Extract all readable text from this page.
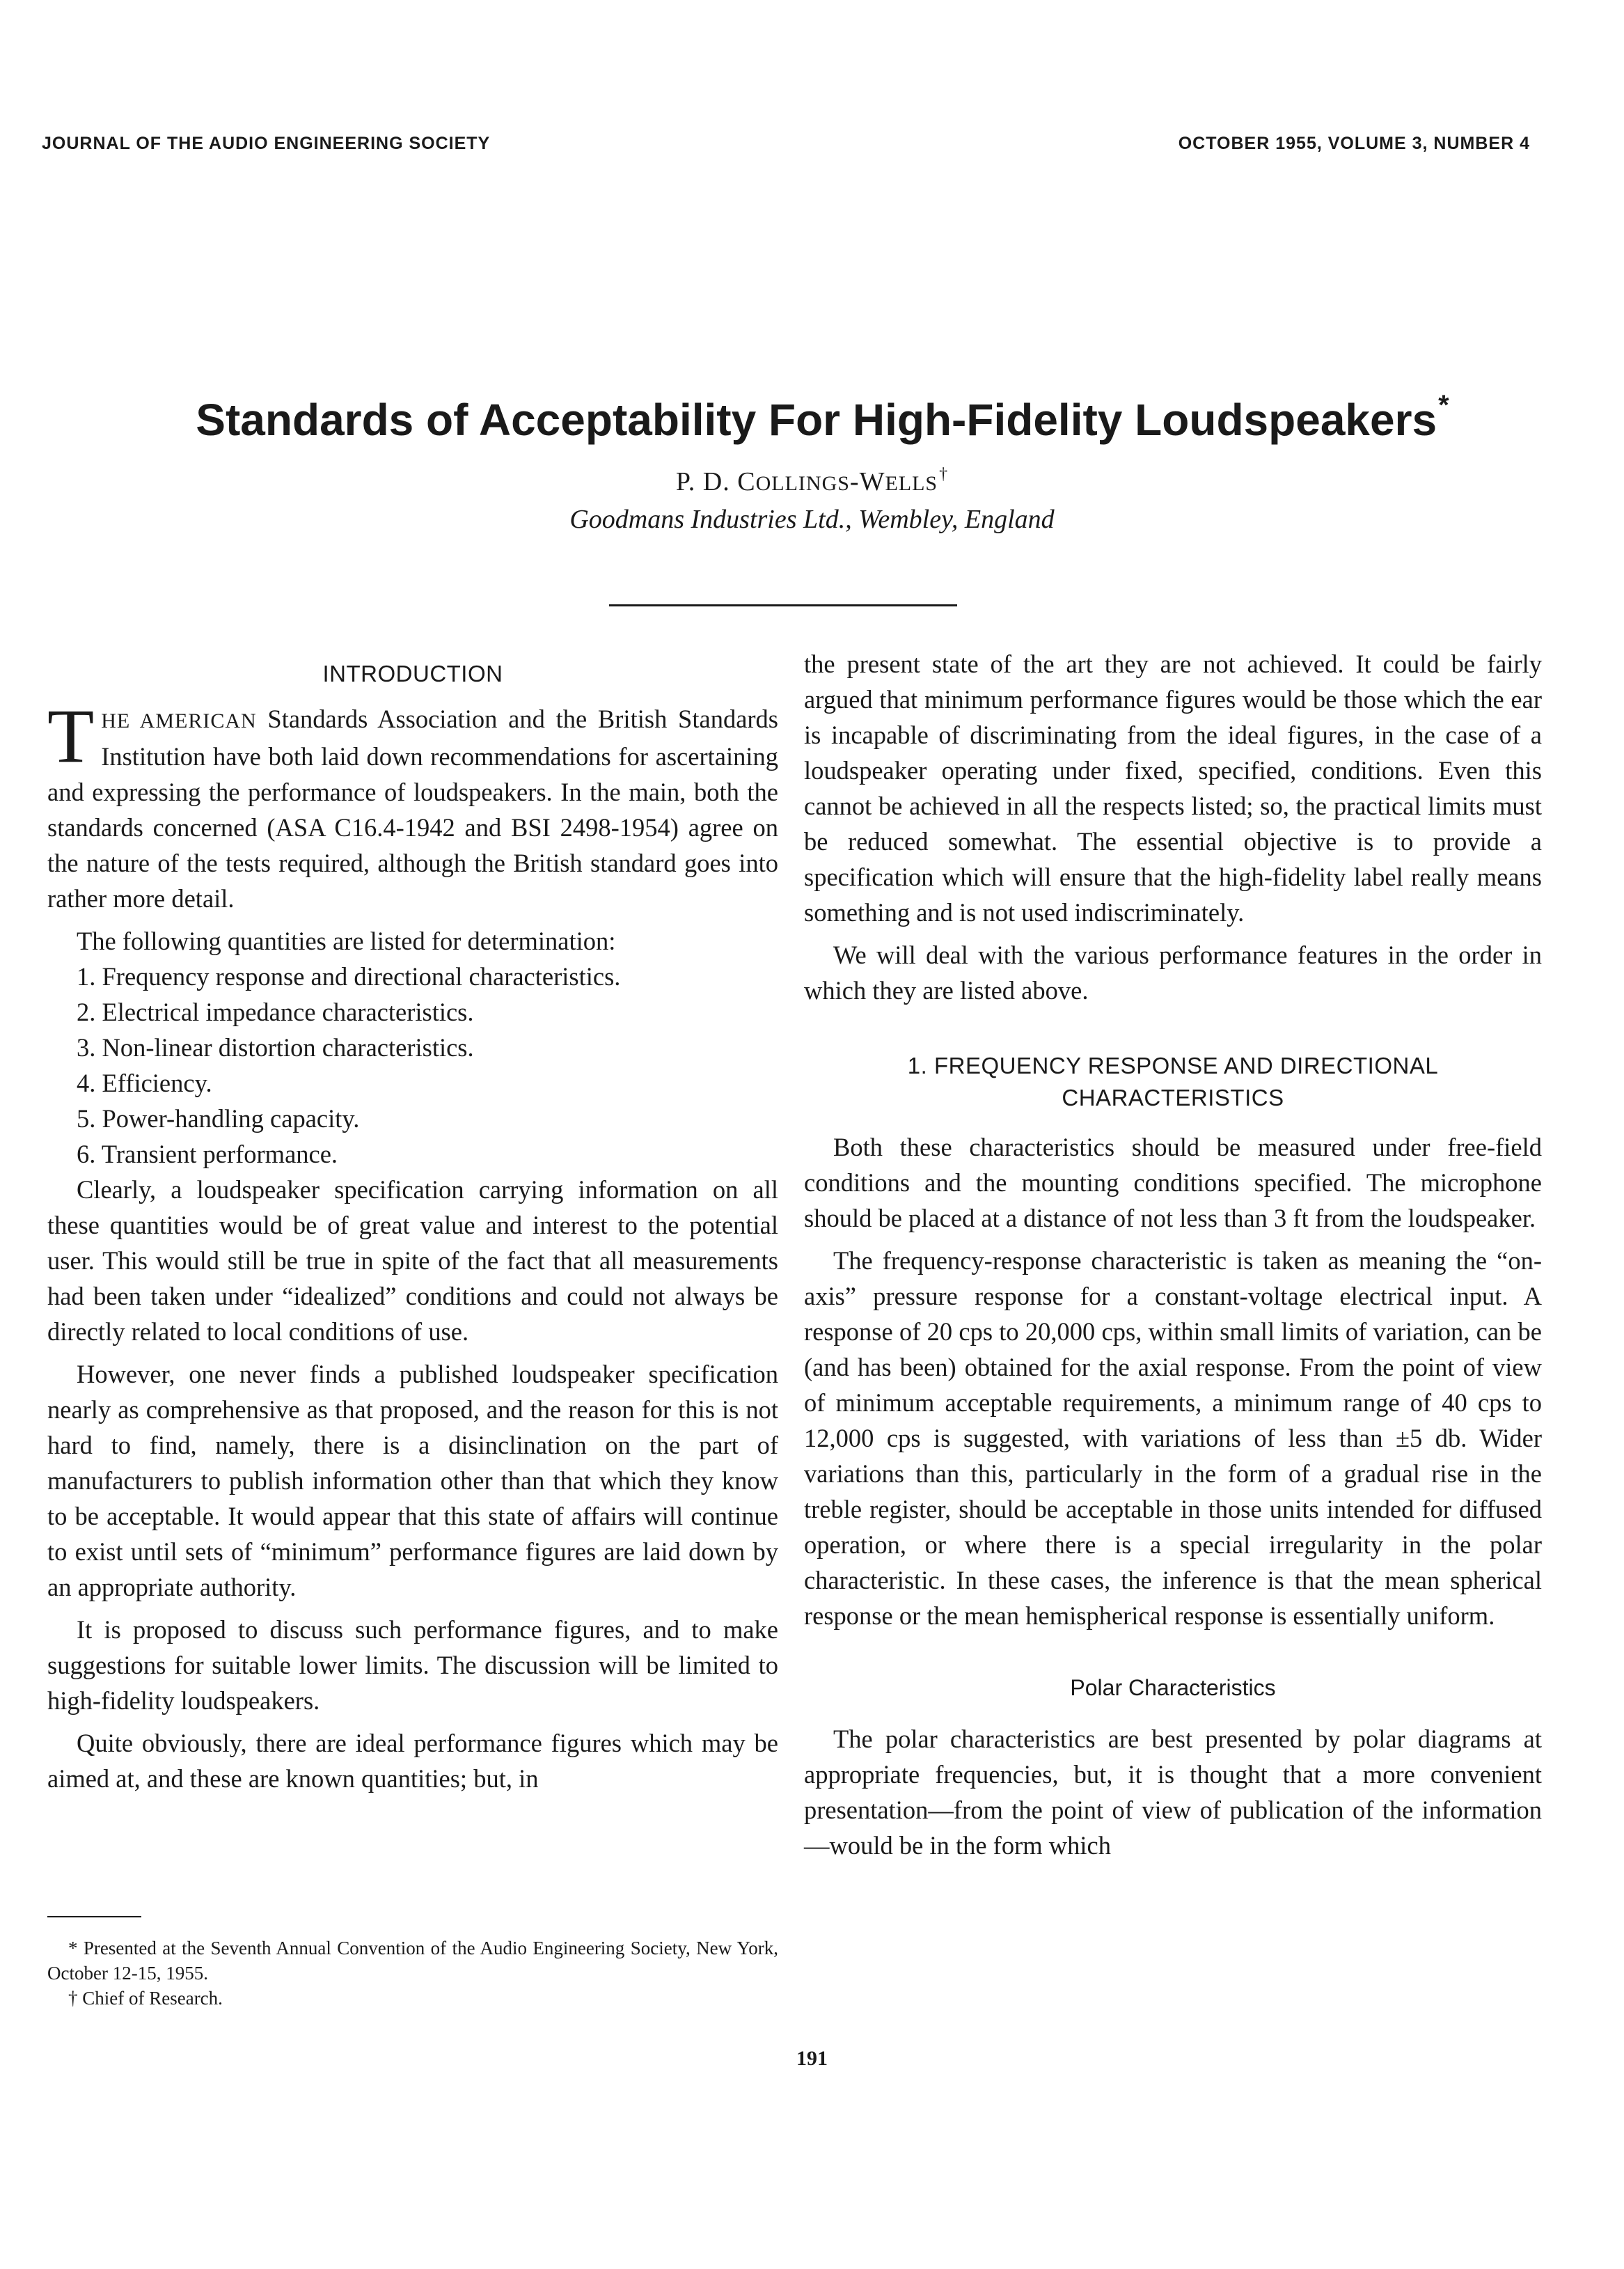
JOURNAL OF THE AUDIO ENGINEERING SOCIETY	OCTOBER 1955, VOLUME 3, NUMBER 4
Standards of Acceptability For High-Fidelity Loudspeakers*
P. D. COLLINGS-WELLS†
Goodmans Industries Ltd., Wembley, England
INTRODUCTION

THE AMERICAN Standards Association and the British Standards Institution have both laid down recommendations for ascertaining and expressing the performance of loudspeakers. In the main, both the standards concerned (ASA C16.4-1942 and BSI 2498-1954) agree on the nature of the tests required, although the British standard goes into rather more detail.

The following quantities are listed for determination:

1. Frequency response and directional characteristics.

2. Electrical impedance characteristics.

3. Non-linear distortion characteristics.

4. Efficiency.

5. Power-handling capacity.

6. Transient performance.

Clearly, a loudspeaker specification carrying information on all these quantities would be of great value and interest to the potential user. This would still be true in spite of the fact that all measurements had been taken under “idealized” conditions and could not always be directly related to local conditions of use.

However, one never finds a published loudspeaker specification nearly as comprehensive as that proposed, and the reason for this is not hard to find, namely, there is a disinclination on the part of manufacturers to publish information other than that which they know to be acceptable. It would appear that this state of affairs will continue to exist until sets of “minimum” performance figures are laid down by an appropriate authority.

It is proposed to discuss such performance figures, and to make suggestions for suitable lower limits. The discussion will be limited to high-fidelity loudspeakers.

Quite obviously, there are ideal performance figures which may be aimed at, and these are known quantities; but, in

the present state of the art they are not achieved. It could be fairly argued that minimum performance figures would be those which the ear is incapable of discriminating from the ideal figures, in the case of a loudspeaker operating under fixed, specified, conditions. Even this cannot be achieved in all the respects listed; so, the practical limits must be reduced somewhat. The essential objective is to provide a specification which will ensure that the high-fidelity label really means something and is not used indiscriminately.

We will deal with the various performance features in the order in which they are listed above.

1. FREQUENCY RESPONSE AND DIRECTIONAL
CHARACTERISTICS

Both these characteristics should be measured under free-field conditions and the mounting conditions specified. The microphone should be placed at a distance of not less than 3 ft from the loudspeaker.

The frequency-response characteristic is taken as meaning the “on-axis” pressure response for a constant-voltage electrical input. A response of 20 cps to 20,000 cps, within small limits of variation, can be (and has been) obtained for the axial response. From the point of view of minimum acceptable requirements, a minimum range of 40 cps to 12,000 cps is suggested, with variations of less than ±5 db. Wider variations than this, particularly in the form of a gradual rise in the treble register, should be acceptable in those units intended for diffused operation, or where there is a special irregularity in the polar characteristic. In these cases, the inference is that the mean spherical response or the mean hemispherical response is essentially uniform.

Polar Characteristics

The polar characteristics are best presented by polar diagrams at appropriate frequencies, but, it is thought that a more convenient presentation—from the point of view of publication of the information—would be in the form which

* Presented at the Seventh Annual Convention of the Audio Engineering Society, New York, October 12-15, 1955.

† Chief of Research.

191
